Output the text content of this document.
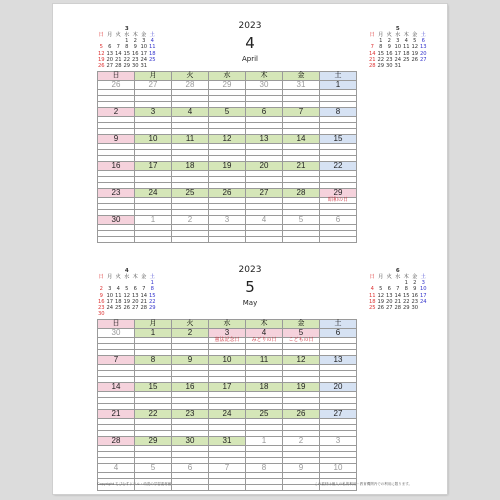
3
日	月	火	水	木	金	土
			1	2	3	4
5	6	7	8	9	10	11
12	13	14	15	16	17	18
19	20	21	22	23	24	25
26	27	28	29	30	31	
5
日	月	火	水	木	金	土
	1	2	3	4	5	6
7	8	9	10	11	12	13
14	15	16	17	18	19	20
21	22	23	24	25	26	27
28	29	30	31			
2023
4
April
日	月	火	水	木	金	土
26	27	28	29	30	31	1

2	3	4	5	6	7	8

9	10	11	12	13	14	15

16	17	18	19	20	21	22

23	24	25	26	27	28	29
						昭和の日

30	1	2	3	4	5	6

4
日	月	火	水	木	金	土
						1
2	3	4	5	6	7	8
9	10	11	12	13	14	15
16	17	18	19	20	21	22
23	24	25	26	27	28	29
30						
6
日	月	火	水	木	金	土
				1	2	3
4	5	6	7	8	9	10
11	12	13	14	15	16	17
18	19	20	21	22	23	24
25	26	27	28	29	30	
2023
5
May
日	月	火	水	木	金	土
30	1	2	3	4	5	6
			憲法記念日	みどりの日	こどもの日	

7	8	9	10	11	12	13

14	15	16	17	18	19	20

21	22	23	24	25	26	27

28	29	30	31	1	2	3

4	5	6	7	8	9	10

Copyright ちびむすドリル・幼児の学習素材館	この素材は個人の私的利用・教育機関内での利用に限ります。
